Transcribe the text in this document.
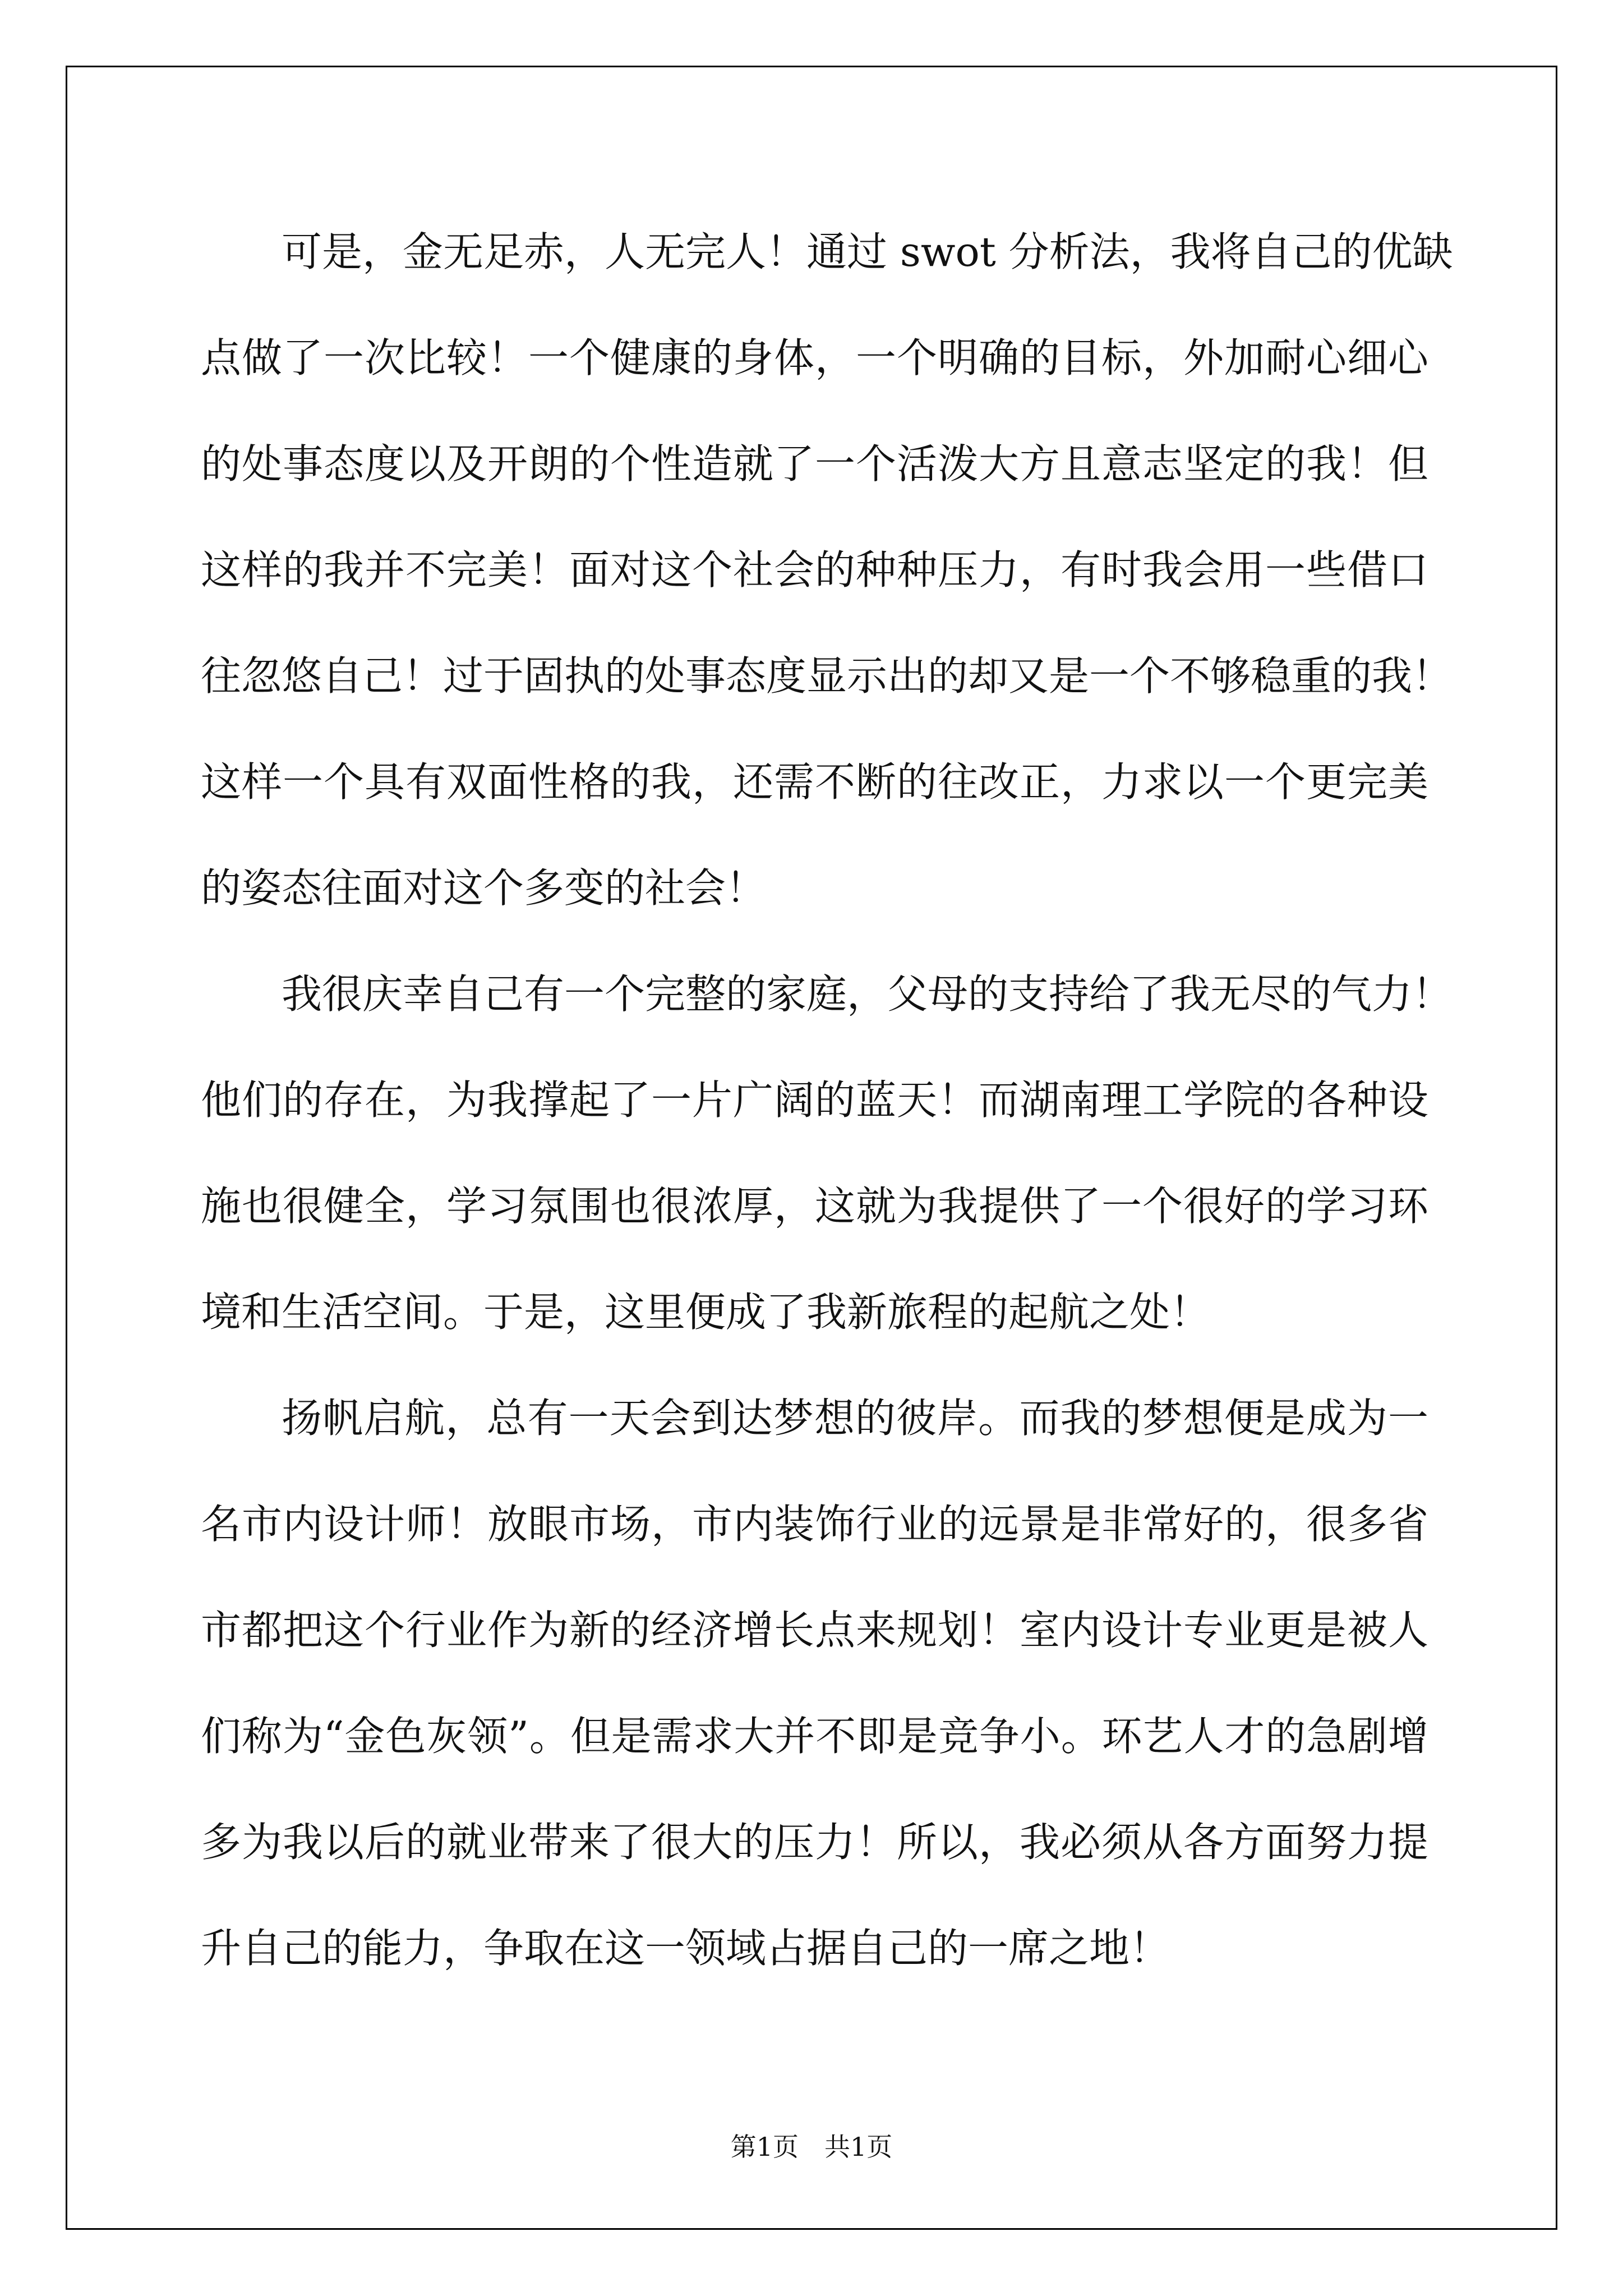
可是，金无足赤，人无完人！通过 swot 分析法，我将自己的优缺
点做了一次比较！一个健康的身体，一个明确的目标，外加耐心细心
的处事态度以及开朗的个性造就了一个活泼大方且意志坚定的我！但
这样的我并不完美！面对这个社会的种种压力，有时我会用一些借口
往忽悠自己！过于固执的处事态度显示出的却又是一个不够稳重的我！
这样一个具有双面性格的我，还需不断的往改正，力求以一个更完美
的姿态往面对这个多变的社会！
我很庆幸自己有一个完整的家庭，父母的支持给了我无尽的气力！
他们的存在，为我撑起了一片广阔的蓝天！而湖南理工学院的各种设
施也很健全，学习氛围也很浓厚，这就为我提供了一个很好的学习环
境和生活空间。于是，这里便成了我新旅程的起航之处！
扬帆启航，总有一天会到达梦想的彼岸。而我的梦想便是成为一
名市内设计师！放眼市场，市内装饰行业的远景是非常好的，很多省
市都把这个行业作为新的经济增长点来规划！室内设计专业更是被人
们称为“金色灰领”。但是需求大并不即是竞争小。环艺人才的急剧增
多为我以后的就业带来了很大的压力！所以，我必须从各方面努力提
升自己的能力，争取在这一领域占据自己的一席之地！
第1页　共1页
